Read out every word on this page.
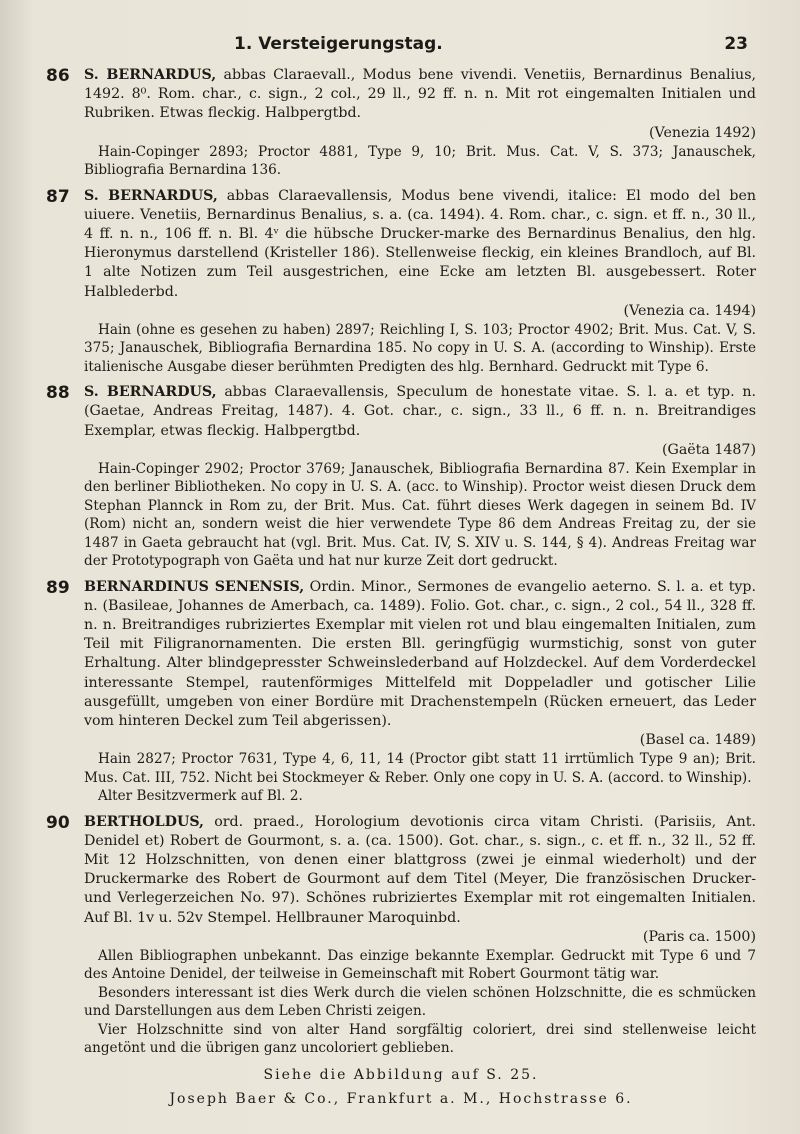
1. Versteigerungstag.	23
86 S. BERNARDUS, abbas Claraevall., Modus bene vivendi. Venetiis, Bernardinus Benalius, 1492. 8⁰. Rom. char., c. sign., 2 col., 29 ll., 92 ff. n. n. Mit rot eingemalten Initialen und Rubriken. Etwas fleckig. Halbpergtbd.
(Venezia 1492)

Hain-Copinger 2893; Proctor 4881, Type 9, 10; Brit. Mus. Cat. V, S. 373; Janauschek, Bibliografia Bernardina 136.

87 S. BERNARDUS, abbas Claraevallensis, Modus bene vivendi, italice: El modo del ben uiuere. Venetiis, Bernardinus Benalius, s. a. (ca. 1494). 4. Rom. char., c. sign. et ff. n., 30 ll., 4 ff. n. n., 106 ff. n. Bl. 4ᵛ die hübsche Drucker-marke des Bernardinus Benalius, den hlg. Hieronymus darstellend (Kristeller 186). Stellenweise fleckig, ein kleines Brandloch, auf Bl. 1 alte Notizen zum Teil ausgestrichen, eine Ecke am letzten Bl. ausgebessert. Roter Halblederbd.
(Venezia ca. 1494)

Hain (ohne es gesehen zu haben) 2897; Reichling I, S. 103; Proctor 4902; Brit. Mus. Cat. V, S. 375; Janauschek, Bibliografia Bernardina 185. No copy in U. S. A. (according to Winship). Erste italienische Ausgabe dieser berühmten Predigten des hlg. Bernhard. Gedruckt mit Type 6.

88 S. BERNARDUS, abbas Claraevallensis, Speculum de honestate vitae. S. l. a. et typ. n. (Gaetae, Andreas Freitag, 1487). 4. Got. char., c. sign., 33 ll., 6 ff. n. n. Breitrandiges Exemplar, etwas fleckig. Halbpergtbd.
(Gaëta 1487)

Hain-Copinger 2902; Proctor 3769; Janauschek, Bibliografia Bernardina 87. Kein Exemplar in den berliner Bibliotheken. No copy in U. S. A. (acc. to Winship). Proctor weist diesen Druck dem Stephan Plannck in Rom zu, der Brit. Mus. Cat. führt dieses Werk dagegen in seinem Bd. IV (Rom) nicht an, sondern weist die hier verwendete Type 86 dem Andreas Freitag zu, der sie 1487 in Gaeta gebraucht hat (vgl. Brit. Mus. Cat. IV, S. XIV u. S. 144, § 4). Andreas Freitag war der Prototypograph von Gaëta und hat nur kurze Zeit dort gedruckt.

89 BERNARDINUS SENENSIS, Ordin. Minor., Sermones de evangelio aeterno. S. l. a. et typ. n. (Basileae, Johannes de Amerbach, ca. 1489). Folio. Got. char., c. sign., 2 col., 54 ll., 328 ff. n. n. Breitrandiges rubriziertes Exemplar mit vielen rot und blau eingemalten Initialen, zum Teil mit Filigranornamenten. Die ersten Bll. geringfügig wurmstichig, sonst von guter Erhaltung. Alter blindgepresster Schweinslederband auf Holzdeckel. Auf dem Vorderdeckel interessante Stempel, rautenförmiges Mittelfeld mit Doppeladler und gotischer Lilie ausgefüllt, umgeben von einer Bordüre mit Drachenstempeln (Rücken erneuert, das Leder vom hinteren Deckel zum Teil abgerissen).
(Basel ca. 1489)

Hain 2827; Proctor 7631, Type 4, 6, 11, 14 (Proctor gibt statt 11 irrtümlich Type 9 an); Brit. Mus. Cat. III, 752. Nicht bei Stockmeyer & Reber. Only one copy in U. S. A. (accord. to Winship).

Alter Besitzvermerk auf Bl. 2.

90 BERTHOLDUS, ord. praed., Horologium devotionis circa vitam Christi. (Parisiis, Ant. Denidel et) Robert de Gourmont, s. a. (ca. 1500). Got. char., s. sign., c. et ff. n., 32 ll., 52 ff. Mit 12 Holzschnitten, von denen einer blattgross (zwei je einmal wiederholt) und der Druckermarke des Robert de Gourmont auf dem Titel (Meyer, Die französischen Drucker- und Verlegerzeichen No. 97). Schönes rubriziertes Exemplar mit rot eingemalten Initialen. Auf Bl. 1v u. 52v Stempel. Hellbrauner Maroquinbd.
(Paris ca. 1500)

Allen Bibliographen unbekannt. Das einzige bekannte Exemplar. Gedruckt mit Type 6 und 7 des Antoine Denidel, der teilweise in Gemeinschaft mit Robert Gourmont tätig war.

Besonders interessant ist dies Werk durch die vielen schönen Holzschnitte, die es schmücken und Darstellungen aus dem Leben Christi zeigen.

Vier Holzschnitte sind von alter Hand sorgfältig coloriert, drei sind stellenweise leicht angetönt und die übrigen ganz uncoloriert geblieben.

Siehe die Abbildung auf S. 25.

Joseph Baer & Co., Frankfurt a. M., Hochstrasse 6.
